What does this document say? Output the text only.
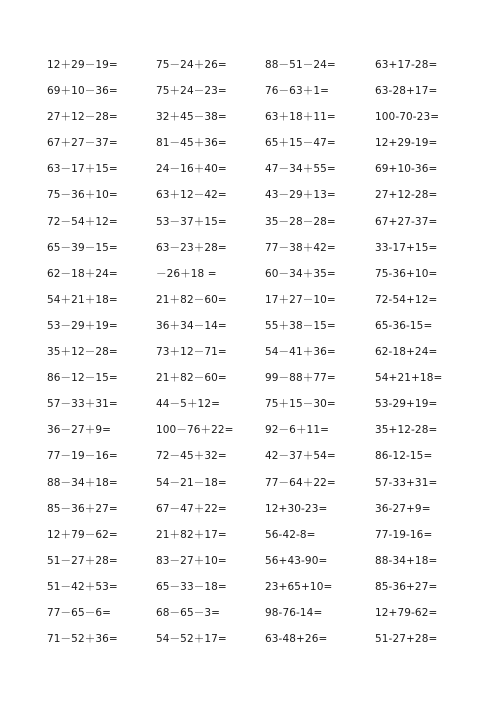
12＋29－19=
69＋10－36=
27＋12－28=
67＋27－37=
63－17＋15=
75－36＋10=
72－54＋12=
65－39－15=
62－18＋24=
54＋21＋18=
53－29＋19=
35＋12－28=
86－12－15=
57－33＋31=
36－27＋9=
77－19－16=
88－34＋18=
85－36＋27=
12＋79－62=
51－27＋28=
51－42＋53=
77－65－6=
71－52＋36=
75－24＋26=
75＋24－23=
32＋45－38=
81－45＋36=
24－16＋40=
63＋12－42=
53－37＋15=
63－23＋28=
－26＋18 =
21＋82－60=
36＋34－14=
73＋12－71=
21＋82－60=
44－5＋12=
100－76＋22=
72－45＋32=
54－21－18=
67－47＋22=
21＋82＋17=
83－27＋10=
65－33－18=
68－65－3=
54－52＋17=
88－51－24=
76－63＋1=
63＋18＋11=
65＋15－47=
47－34＋55=
43－29＋13=
35－28－28=
77－38＋42=
60－34＋35=
17＋27－10=
55＋38－15=
54－41＋36=
99－88＋77=
75＋15－30=
92－6＋11=
42－37＋54=
77－64＋22=
12+30-23=
56-42-8=
56+43-90=
23+65+10=
98-76-14=
63-48+26=
63+17-28=
63-28+17=
100-70-23=
12+29-19=
69+10-36=
27+12-28=
67+27-37=
33-17+15=
75-36+10=
72-54+12=
65-36-15=
62-18+24=
54+21+18=
53-29+19=
35+12-28=
86-12-15=
57-33+31=
36-27+9=
77-19-16=
88-34+18=
85-36+27=
12+79-62=
51-27+28=
